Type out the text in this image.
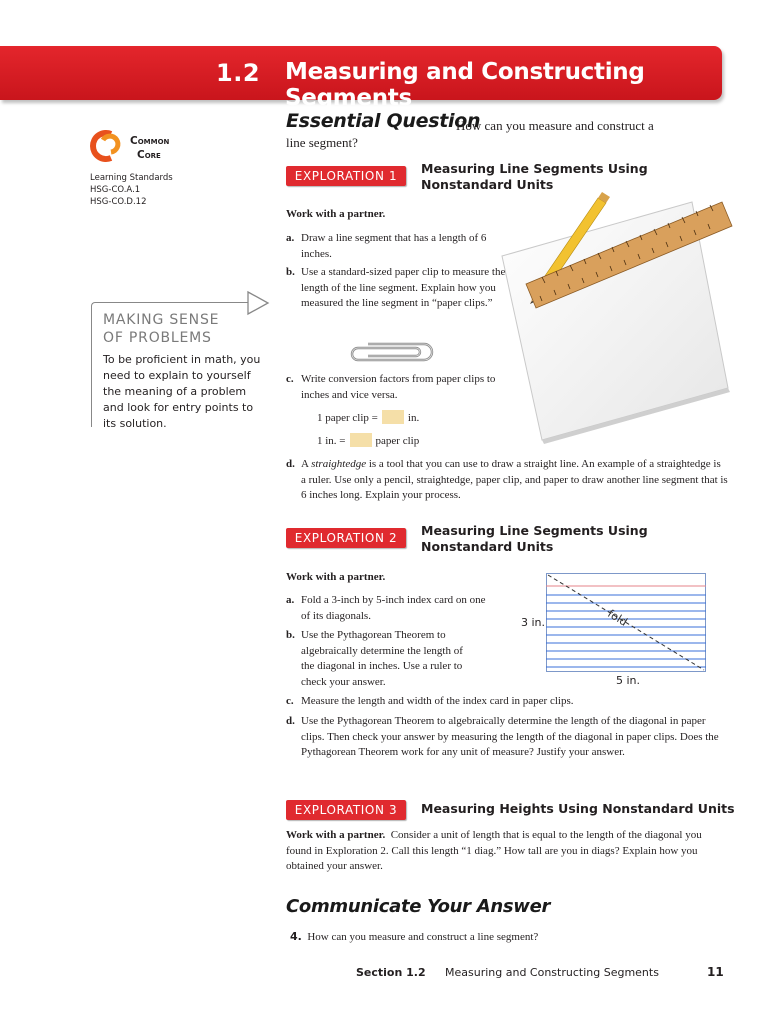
1.2 Measuring and Constructing Segments
Essential Question
How can you measure and construct a line segment?
Common
Core
Learning Standards
HSG-CO.A.1
HSG-CO.D.12
MAKING SENSE
OF PROBLEMS
To be proficient in math, you need to explain to yourself the meaning of a problem and look for entry points to its solution.
EXPLORATION 1	Measuring Line Segments Using
Nonstandard Units
Work with a partner.
a. Draw a line segment that has a length of 6 inches.
b. Use a standard-sized paper clip to measure the length of the line segment. Explain how you measured the line segment in “paper clips.”
c. Write conversion factors from paper clips to inches and vice versa.
1 paper clip =	in.
1 in. =	paper clip
d. A straightedge is a tool that you can use to draw a straight line. An example of a straightedge is a ruler. Use only a pencil, straightedge, paper clip, and paper to draw another line segment that is 6 inches long. Explain your process.
EXPLORATION 2	Measuring Line Segments Using
Nonstandard Units
Work with a partner.
a. Fold a 3-inch by 5-inch index card on one of its diagonals.
b. Use the Pythagorean Theorem to algebraically determine the length of the diagonal in inches. Use a ruler to check your answer.
3 in.
5 in.
fold
c. Measure the length and width of the index card in paper clips.
d. Use the Pythagorean Theorem to algebraically determine the length of the diagonal in paper clips. Then check your answer by measuring the length of the diagonal in paper clips. Does the Pythagorean Theorem work for any unit of measure? Justify your answer.
EXPLORATION 3	Measuring Heights Using Nonstandard Units
Work with a partner. Consider a unit of length that is equal to the length of the diagonal you found in Exploration 2. Call this length “1 diag.” How tall are you in diags? Explain how you obtained your answer.
Communicate Your Answer
4. How can you measure and construct a line segment?
Section 1.2 Measuring and Constructing Segments	11
